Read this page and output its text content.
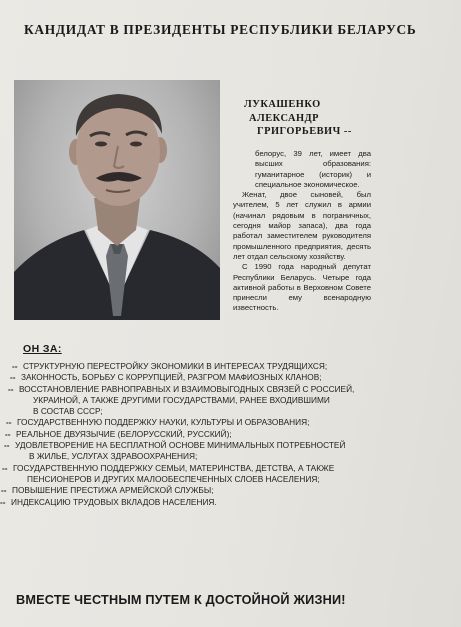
КАНДИДАТ В ПРЕЗИДЕНТЫ РЕСПУБЛИКИ БЕЛАРУСЬ
ЛУКАШЕНКО
АЛЕКСАНДР
ГРИГОРЬЕВИЧ --

белорус, 39 лет, имеет два высших образования: гуманитарное (историк) и специальное экономическое.

Женат, двое сыновей, был учителем, 5 лет служил в армии (начинал рядовым в пограничных, сегодня майор запаса), два года работал заместителем руководителя промышленного предприятия, десять лет отдал сельскому хозяйству.

С 1990 года народный депутат Республики Беларусь. Четыре года активной работы в Верховном Совете принесли ему всенародную известность.

ОН ЗА:
-- СТРУКТУРНУЮ ПЕРЕСТРОЙКУ ЭКОНОМИКИ В ИНТЕРЕСАХ ТРУДЯЩИХСЯ;
-- ЗАКОННОСТЬ, БОРЬБУ С КОРРУПЦИЕЙ, РАЗГРОМ МАФИОЗНЫХ КЛАНОВ;
-- ВОССТАНОВЛЕНИЕ РАВНОПРАВНЫХ И ВЗАИМОВЫГОДНЫХ СВЯЗЕЙ С РОССИЕЙ,
УКРАИНОЙ, А ТАКЖЕ ДРУГИМИ ГОСУДАРСТВАМИ, РАНЕЕ ВХОДИВШИМИ
В СОСТАВ СССР;
-- ГОСУДАРСТВЕННУЮ ПОДДЕРЖКУ НАУКИ, КУЛЬТУРЫ И ОБРАЗОВАНИЯ;
-- РЕАЛЬНОЕ ДВУЯЗЫЧИЕ (БЕЛОРУССКИЙ, РУССКИЙ);
-- УДОВЛЕТВОРЕНИЕ НА БЕСПЛАТНОЙ ОСНОВЕ МИНИМАЛЬНЫХ ПОТРЕБНОСТЕЙ
В ЖИЛЬЕ, УСЛУГАХ ЗДРАВООХРАНЕНИЯ;
-- ГОСУДАРСТВЕННУЮ ПОДДЕРЖКУ СЕМЬИ, МАТЕРИНСТВА, ДЕТСТВА, А ТАКЖЕ
ПЕНСИОНЕРОВ И ДРУГИХ МАЛООБЕСПЕЧЕННЫХ СЛОЕВ НАСЕЛЕНИЯ;
-- ПОВЫШЕНИЕ ПРЕСТИЖА АРМЕЙСКОЙ СЛУЖБЫ;
-- ИНДЕКСАЦИЮ ТРУДОВЫХ ВКЛАДОВ НАСЕЛЕНИЯ.
ВМЕСТЕ ЧЕСТНЫМ ПУТЕМ К ДОСТОЙНОЙ ЖИЗНИ!
